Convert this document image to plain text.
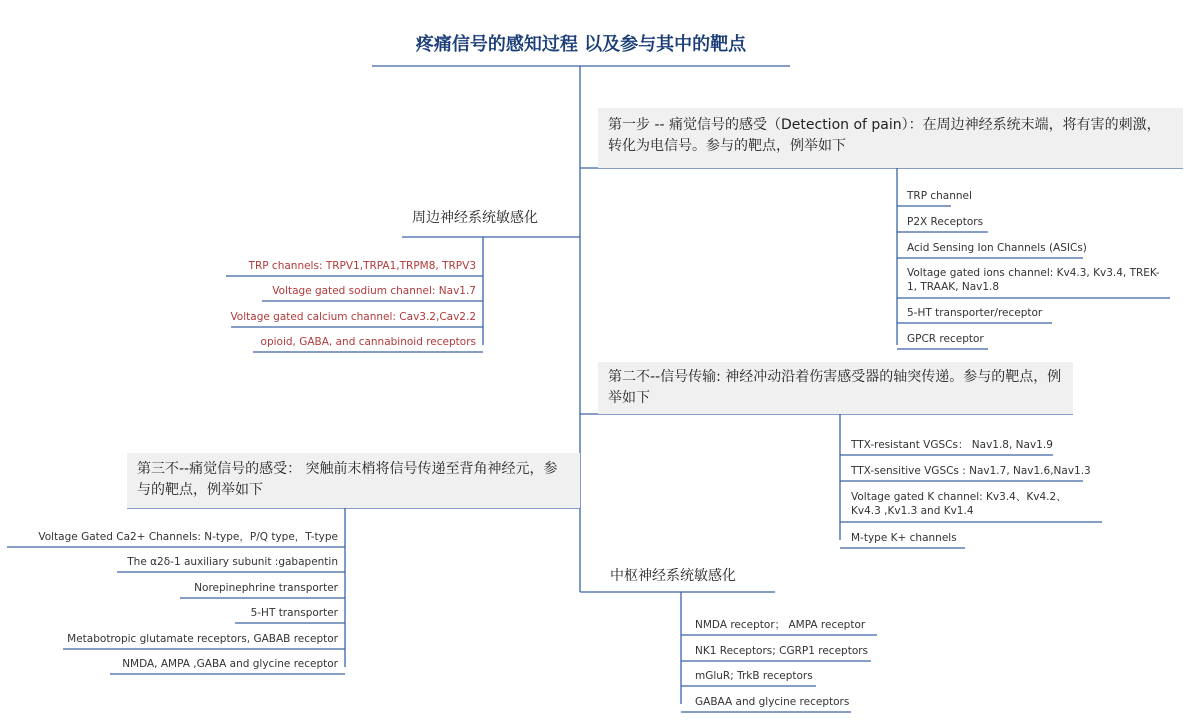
疼痛信号的感知过程 以及参与其中的靶点
第一步 -- 痛觉信号的感受（Detection of pain）：在周边神经系统末端，将有害的刺激，转化为电信号。参与的靶点，例举如下
TRP channel
P2X Receptors
Acid Sensing Ion Channels (ASICs)
Voltage gated ions channel: Kv4.3, Kv3.4, TREK-1, TRAAK, Nav1.8
5-HT transporter/receptor
GPCR receptor
周边神经系统敏感化
TRP channels: TRPV1,TRPA1,TRPM8, TRPV3
Voltage gated sodium channel: Nav1.7
Voltage gated calcium channel: Cav3.2,Cav2.2
opioid, GABA, and cannabinoid receptors
第二不--信号传输: 神经冲动沿着伤害感受器的轴突传递。参与的靶点，例举如下
TTX-resistant VGSCs： Nav1.8, Nav1.9
TTX-sensitive VGSCs : Nav1.7, Nav1.6,Nav1.3
Voltage gated K channel: Kv3.4、Kv4.2、Kv4.3 ,Kv1.3 and Kv1.4
M-type K+ channels
第三不--痛觉信号的感受： 突触前末梢将信号传递至背角神经元，参与的靶点，例举如下
Voltage Gated Ca2+ Channels: N-type，P/Q type，T-type
The α2δ-1 auxiliary subunit :gabapentin
Norepinephrine transporter
5-HT transporter
Metabotropic glutamate receptors, GABAB receptor
NMDA, AMPA ,GABA and glycine receptor
中枢神经系统敏感化
NMDA receptor； AMPA receptor
NK1 Receptors; CGRP1 receptors
mGluR; TrkB receptors
GABAA and glycine receptors
